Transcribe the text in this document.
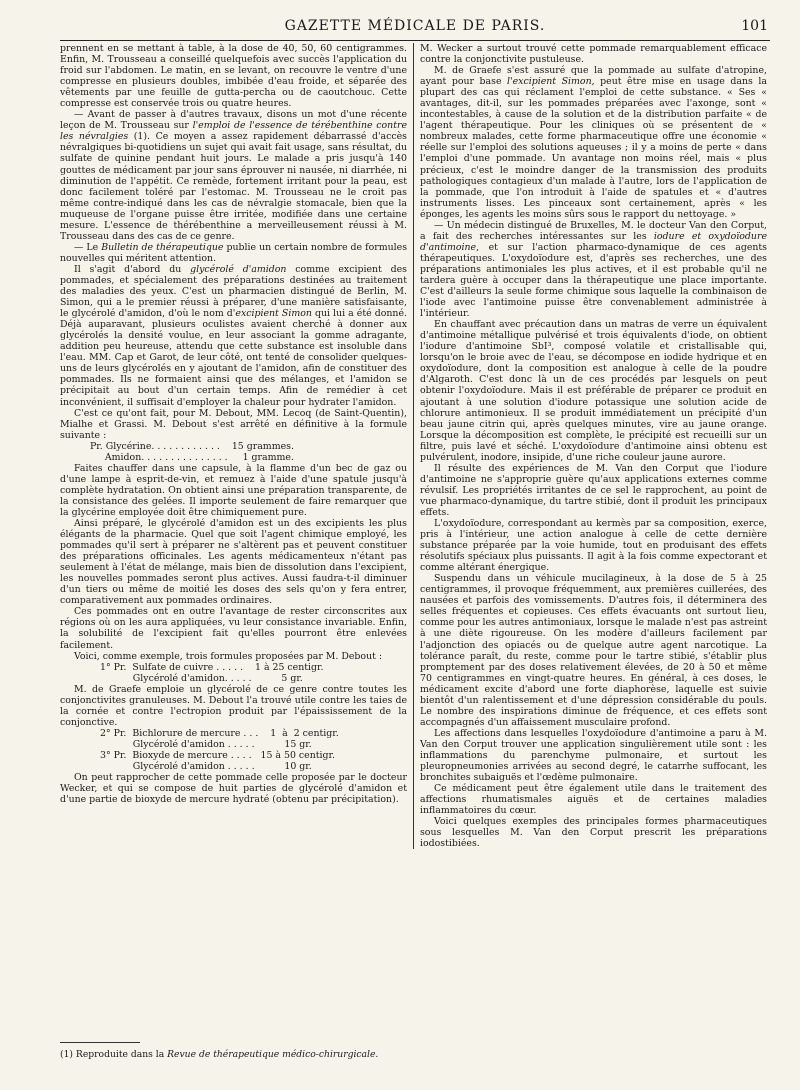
GAZETTE MÉDICALE DE PARIS.	101

prennent en se mettant à table, à la dose de 40, 50, 60 centigrammes. Enfin, M. Trousseau a conseillé quelquefois avec succès l'application du froid sur l'abdomen. Le matin, en se levant, on recouvre le ventre d'une compresse en plusieurs doubles, imbibée d'eau froide, et séparée des vêtements par une feuille de gutta-percha ou de caoutchouc. Cette compresse est conservée trois ou quatre heures.

— Avant de passer à d'autres travaux, disons un mot d'une récente leçon de M. Trousseau sur l'emploi de l'essence de térébenthine contre les névralgies (1). Ce moyen a assez rapidement débarrassé d'accès névralgiques bi-quotidiens un sujet qui avait fait usage, sans résultat, du sulfate de quinine pendant huit jours. Le malade a pris jusqu'à 140 gouttes de médicament par jour sans éprouver ni nausée, ni diarrhée, ni diminution de l'appétit. Ce remède, fortement irritant pour la peau, est donc facilement toléré par l'estomac. M. Trousseau ne le croit pas même contre-indiqué dans les cas de névralgie stomacale, bien que la muqueuse de l'organe puisse être irritée, modifiée dans une certaine mesure. L'essence de thérébenthine a merveilleusement réussi à M. Trousseau dans des cas de ce genre.

— Le Bulletin de thérapeutique publie un certain nombre de formules nouvelles qui méritent attention.

Il s'agit d'abord du glycérolé d'amidon comme excipient des pommades, et spécialement des préparations destinées au traitement des maladies des yeux. C'est un pharmacien distingué de Berlin, M. Simon, qui a le premier réussi à préparer, d'une manière satisfaisante, le glycérolé d'amidon, d'où le nom d'excipient Simon qui lui a été donné. Déjà auparavant, plusieurs oculistes avaient cherché à donner aux glycérolés la densité voulue, en leur associant la gomme adragante, addition peu heureuse, attendu que cette substance est insoluble dans l'eau. MM. Cap et Garot, de leur côté, ont tenté de consolider quelques-uns de leurs glycérolés en y ajoutant de l'amidon, afin de constituer des pommades. Ils ne formaient ainsi que des mélanges, et l'amidon se précipitait au bout d'un certain temps. Afin de remédier à cet inconvénient, il suffisait d'employer la chaleur pour hydrater l'amidon.

C'est ce qu'ont fait, pour M. Debout, MM. Lecoq (de Saint-Quentin), Mialhe et Grassi. M. Debout s'est arrêté en définitive à la formule suivante :

Pr. Glycérine. . . . . . . . . . . .    15 grammes.
Amidon. . . . . . . . . . . . . . .     1 gramme.

Faites chauffer dans une capsule, à la flamme d'un bec de gaz ou d'une lampe à esprit-de-vin, et remuez à l'aide d'une spatule jusqu'à complète hydratation. On obtient ainsi une préparation transparente, de la consistance des gelées. Il importe seulement de faire remarquer que la glycérine employée doit être chimiquement pure.

Ainsi préparé, le glycérolé d'amidon est un des excipients les plus élégants de la pharmacie. Quel que soit l'agent chimique employé, les pommades qu'il sert à préparer ne s'altèrent pas et peuvent constituer des préparations officinales. Les agents médicamenteux n'étant pas seulement à l'état de mélange, mais bien de dissolution dans l'excipient, les nouvelles pommades seront plus actives. Aussi faudra-t-il diminuer d'un tiers ou même de moitié les doses des sels qu'on y fera entrer, comparativement aux pommades ordinaires.

Ces pommades ont en outre l'avantage de rester circonscrites aux régions où on les aura appliquées, vu leur consistance invariable. Enfin, la solubilité de l'excipient fait qu'elles pourront être enlevées facilement.

Voici, comme exemple, trois formules proposées par M. Debout :

1° Pr.  Sulfate de cuivre . . . . .    1 à 25 centigr.
Glycérolé d'amidon. . . . .          5 gr.

M. de Graefe emploie un glycérolé de ce genre contre toutes les conjonctivites granuleuses. M. Debout l'a trouvé utile contre les taies de la cornée et contre l'ectropion produit par l'épaississement de la conjonctive.

2° Pr.  Bichlorure de mercure . . .    1  à  2 centigr.
Glycérolé d'amidon . . . . .          15 gr.
3° Pr.  Bioxyde de mercure . . . .   15 à 50 centigr.
Glycérolé d'amidon . . . . .          10 gr.

On peut rapprocher de cette pommade celle proposée par le docteur Wecker, et qui se compose de huit parties de glycérolé d'amidon et d'une partie de bioxyde de mercure hydraté (obtenu par précipitation).

M. Wecker a surtout trouvé cette pommade remarquablement efficace contre la conjonctivite pustuleuse.

M. de Graefe s'est assuré que la pommade au sulfate d'atropine, ayant pour base l'excipient Simon, peut être mise en usage dans la plupart des cas qui réclament l'emploi de cette substance. « Ses « avantages, dit-il, sur les pommades préparées avec l'axonge, sont « incontestables, à cause de la solution et de la distribution parfaite « de l'agent thérapeutique. Pour les cliniques où se présentent de « nombreux malades, cette forme pharmaceutique offre une économie « réelle sur l'emploi des solutions aqueuses ; il y a moins de perte « dans l'emploi d'une pommade. Un avantage non moins réel, mais « plus précieux, c'est le moindre danger de la transmission des produits pathologiques contagieux d'un malade à l'autre, lors de l'application de la pommade, que l'on introduit à l'aide de spatules et « d'autres instruments lisses. Les pinceaux sont certainement, après « les éponges, les agents les moins sûrs sous le rapport du nettoyage. »

— Un médecin distingué de Bruxelles, M. le docteur Van den Corput, a fait des recherches intéressantes sur les iodure et oxydoïodure d'antimoine, et sur l'action pharmaco-dynamique de ces agents thérapeutiques. L'oxydoïodure est, d'après ses recherches, une des préparations antimoniales les plus actives, et il est probable qu'il ne tardera guère à occuper dans la thérapeutique une place importante. C'est d'ailleurs la seule forme chimique sous laquelle la combinaison de l'iode avec l'antimoine puisse être convenablement administrée à l'intérieur.

En chauffant avec précaution dans un matras de verre un équivalent d'antimoine métallique pulvérisé et trois équivalents d'iode, on obtient l'iodure d'antimoine SbI³, composé volatile et cristallisable qui, lorsqu'on le broie avec de l'eau, se décompose en iodide hydrique et en oxydoïodure, dont la composition est analogue à celle de la poudre d'Algaroth. C'est donc là un de ces procédés par lesquels on peut obtenir l'oxydoïodure. Mais il est préférable de préparer ce produit en ajoutant à une solution d'iodure potassique une solution acide de chlorure antimonieux. Il se produit immédiatement un précipité d'un beau jaune citrin qui, après quelques minutes, vire au jaune orange. Lorsque la décomposition est complète, le précipité est recueilli sur un filtre, puis lavé et séché. L'oxydoïodure d'antimoine ainsi obtenu est pulvérulent, inodore, insipide, d'une riche couleur jaune aurore.

Il résulte des expériences de M. Van den Corput que l'iodure d'antimoine ne s'approprie guère qu'aux applications externes comme révulsif. Les propriétés irritantes de ce sel le rapprochent, au point de vue pharmaco-dynamique, du tartre stibié, dont il produit les principaux effets.

L'oxydoïodure, correspondant au kermès par sa composition, exerce, pris à l'intérieur, une action analogue à celle de cette dernière substance préparée par la voie humide, tout en produisant des effets résolutifs spéciaux plus puissants. Il agit à la fois comme expectorant et comme altérant énergique.

Suspendu dans un véhicule mucilagineux, à la dose de 5 à 25 centigrammes, il provoque fréquemment, aux premières cuillerées, des nausées et parfois des vomissements. D'autres fois, il déterminera des selles fréquentes et copieuses. Ces effets évacuants ont surtout lieu, comme pour les autres antimoniaux, lorsque le malade n'est pas astreint à une diète rigoureuse. On les modère d'ailleurs facilement par l'adjonction des opiacés ou de quelque autre agent narcotique. La tolérance paraît, du reste, comme pour le tartre stibié, s'établir plus promptement par des doses relativement élevées, de 20 à 50 et même 70 centigrammes en vingt-quatre heures. En général, à ces doses, le médicament excite d'abord une forte diaphorèse, laquelle est suivie bientôt d'un ralentissement et d'une dépression considérable du pouls. Le nombre des inspirations diminue de fréquence, et ces effets sont accompagnés d'un affaissement musculaire profond.

Les affections dans lesquelles l'oxydoïodure d'antimoine a paru à M. Van den Corput trouver une application singulièrement utile sont : les inflammations du parenchyme pulmonaire, et surtout les pleuropneumonies arrivées au second degré, le catarrhe suffocant, les bronchites subaiguës et l'œdème pulmonaire.

Ce médicament peut être également utile dans le traitement des affections rhumatismales aiguës et de certaines maladies inflammatoires du cœur.

Voici quelques exemples des principales formes pharmaceutiques sous lesquelles M. Van den Corput prescrit les préparations iodostibiées.

(1) Reproduite dans la Revue de thérapeutique médico-chirurgicale.
